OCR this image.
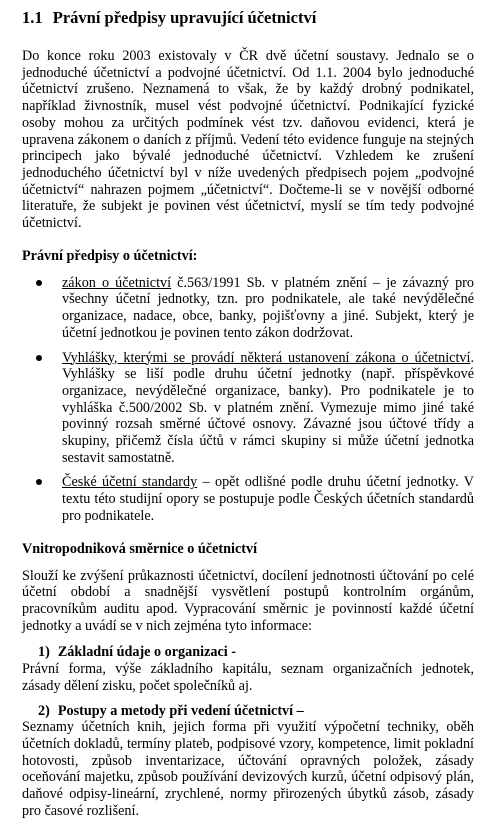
1.1 Právní předpisy upravující účetnictví

Do konce roku 2003 existovaly v ČR dvě účetní soustavy. Jednalo se o jednoduché účetnictví a podvojné účetnictví. Od 1.1. 2004 bylo jednoduché účetnictví zrušeno. Neznamená to však, že by každý drobný podnikatel, například živnostník, musel vést podvojné účetnictví. Podnikající fyzické osoby mohou za určitých podmínek vést tzv. daňovou evidenci, která je upravena zákonem o daních z příjmů. Vedení této evidence funguje na stejných principech jako bývalé jednoduché účetnictví. Vzhledem ke zrušení jednoduchého účetnictví byl v níže uvedených předpisech pojem „podvojné účetnictví“ nahrazen pojmem „účetnictví“. Dočteme-li se v novější odborné literatuře, že subjekt je povinen vést účetnictví, myslí se tím tedy podvojné účetnictví.

Právní předpisy o účetnictví:
zákon o účetnictví č.563/1991 Sb. v platném znění – je závazný pro všechny účetní jednotky, tzn. pro podnikatele, ale také nevýdělečné organizace, nadace, obce, banky, pojišťovny a jiné. Subjekt, který je účetní jednotkou je povinen tento zákon dodržovat.
Vyhlášky, kterými se provádí některá ustanovení zákona o účetnictví. Vyhlášky se liší podle druhu účetní jednotky (např. příspěvkové organizace, nevýdělečné organizace, banky). Pro podnikatele je to vyhláška č.500/2002 Sb. v platném znění. Vymezuje mimo jiné také povinný rozsah směrné účtové osnovy. Závazné jsou účtové třídy a skupiny, přičemž čísla účtů v rámci skupiny si může účetní jednotka sestavit samostatně.
České účetní standardy – opět odlišné podle druhu účetní jednotky. V textu této studijní opory se postupuje podle Českých účetních standardů pro podnikatele.
Vnitropodniková směrnice o účetnictví

Slouží ke zvýšení průkaznosti účetnictví, docílení jednotnosti účtování po celé účetní období a snadnější vysvětlení postupů kontrolním orgánům, pracovníkům auditu apod. Vypracování směrnic je povinností každé účetní jednotky a uvádí se v nich zejména tyto informace:

1) Základní údaje o organizaci -

Právní forma, výše základního kapitálu, seznam organizačních jednotek, zásady dělení zisku, počet společníků aj.

2) Postupy a metody při vedení účetnictví –

Seznamy účetních knih, jejich forma při využití výpočetní techniky, oběh účetních dokladů, termíny plateb, podpisové vzory, kompetence, limit pokladní hotovosti, způsob inventarizace, účtování opravných položek, zásady oceňování majetku, způsob používání devizových kurzů, účetní odpisový plán, daňové odpisy-lineární, zrychlené, normy přirozených úbytků zásob, zásady pro časové rozlišení.
